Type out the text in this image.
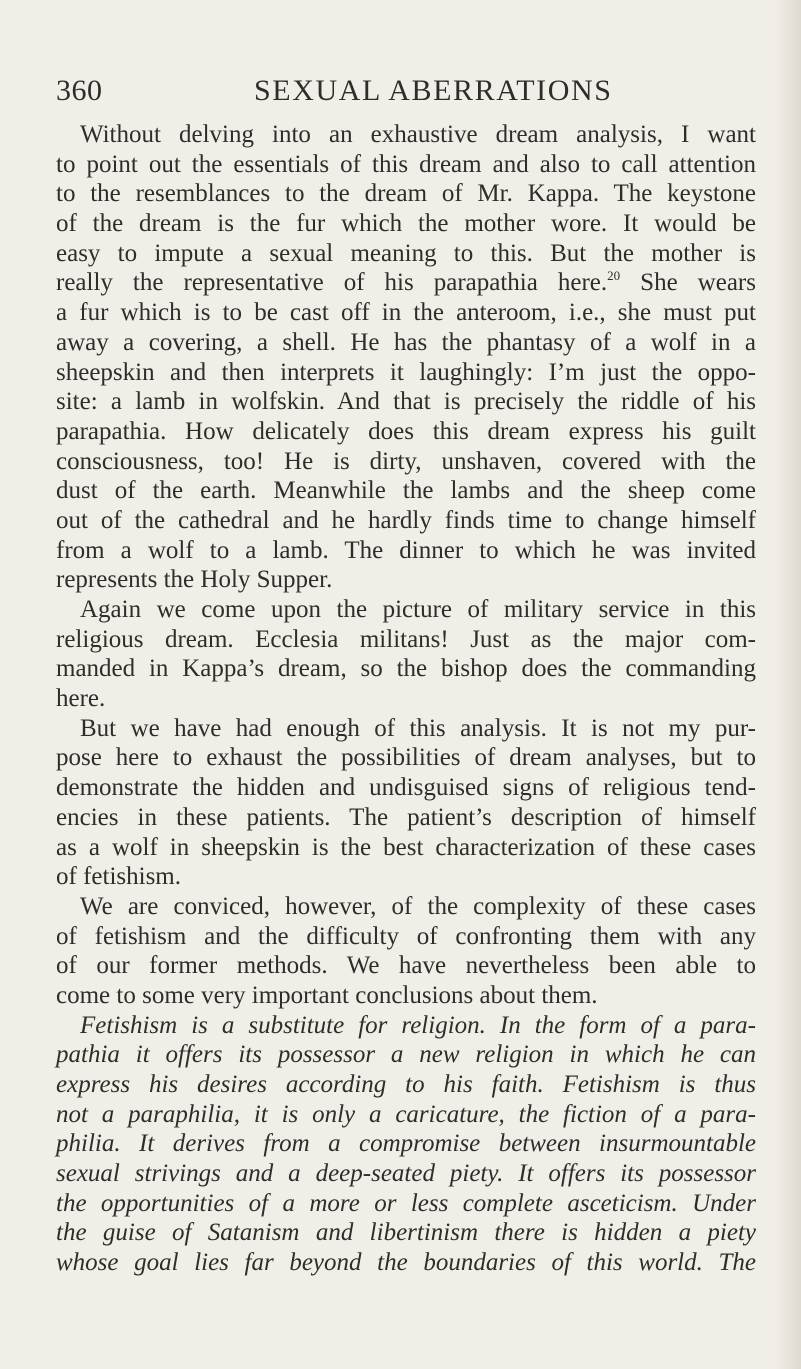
360	SEXUAL ABERRATIONS
Without delving into an exhaustive dream analysis, I want
to point out the essentials of this dream and also to call attention
to the resemblances to the dream of Mr. Kappa. The keystone
of the dream is the fur which the mother wore. It would be
easy to impute a sexual meaning to this. But the mother is
really the representative of his parapathia here.$^{20}$ She wears
a fur which is to be cast off in the anteroom, i.e., she must put
away a covering, a shell. He has the phantasy of a wolf in a
sheepskin and then interprets it laughingly: I’m just the oppo-
site: a lamb in wolfskin. And that is precisely the riddle of his
parapathia. How delicately does this dream express his guilt
consciousness, too! He is dirty, unshaven, covered with the
dust of the earth. Meanwhile the lambs and the sheep come
out of the cathedral and he hardly finds time to change himself
from a wolf to a lamb. The dinner to which he was invited
represents the Holy Supper.
Again we come upon the picture of military service in this
religious dream. Ecclesia militans! Just as the major com-
manded in Kappa’s dream, so the bishop does the commanding
here.
But we have had enough of this analysis. It is not my pur-
pose here to exhaust the possibilities of dream analyses, but to
demonstrate the hidden and undisguised signs of religious tend-
encies in these patients. The patient’s description of himself
as a wolf in sheepskin is the best characterization of these cases
of fetishism.
We are conviced, however, of the complexity of these cases
of fetishism and the difficulty of confronting them with any
of our former methods. We have nevertheless been able to
come to some very important conclusions about them.
Fetishism is a substitute for religion. In the form of a para-
pathia it offers its possessor a new religion in which he can
express his desires according to his faith. Fetishism is thus
not a paraphilia, it is only a caricature, the fiction of a para-
philia. It derives from a compromise between insurmountable
sexual strivings and a deep-seated piety. It offers its possessor
the opportunities of a more or less complete asceticism. Under
the guise of Satanism and libertinism there is hidden a piety
whose goal lies far beyond the boundaries of this world. The
